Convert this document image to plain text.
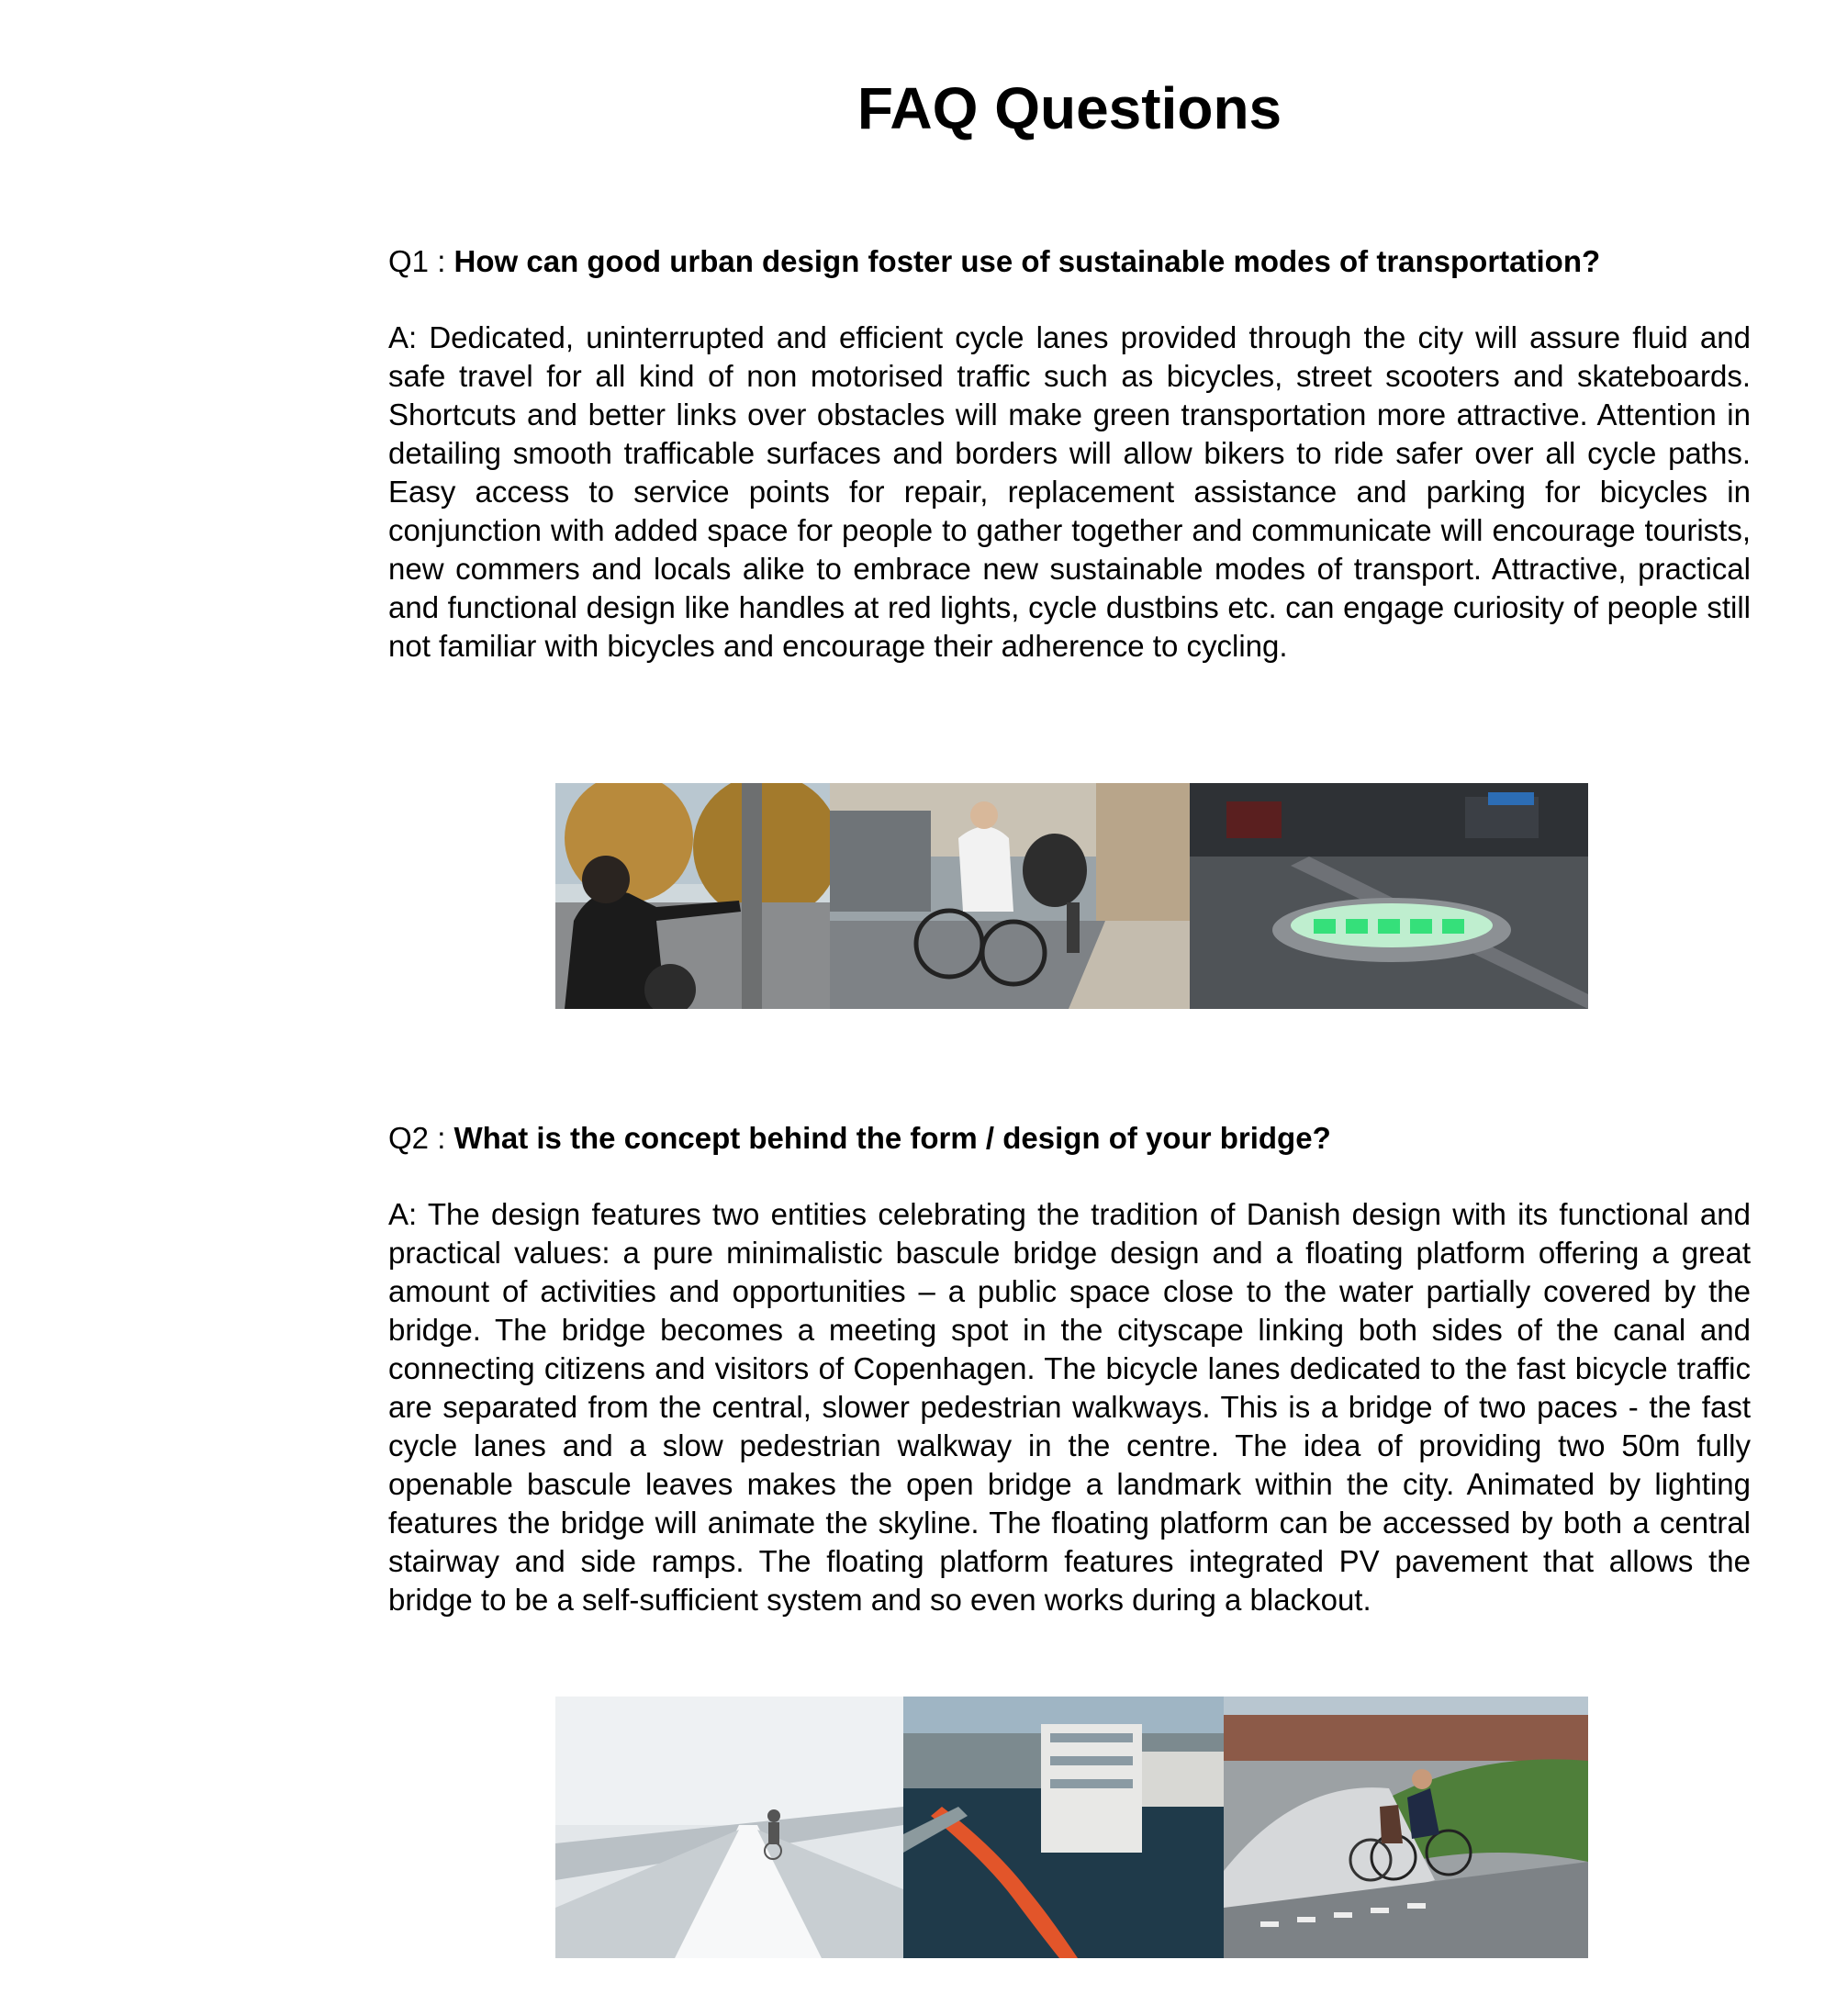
FAQ Questions

Q1 : How can good urban design foster use of sustainable modes of transportation?

A: Dedicated, uninterrupted and efficient cycle lanes provided through the city will assure fluid and safe travel for all kind of non motorised traffic such as bicycles, street scooters and skateboards. Shortcuts and better links over obstacles will make green transportation more attractive. Attention in detailing smooth trafficable surfaces and borders will allow bikers to ride safer over all cycle paths. Easy access to service points for repair, replacement assistance and parking for bicycles in conjunction with added space for people to gather together and communicate will encourage tourists, new commers and locals alike to embrace new sustainable modes of transport. Attractive, practical and functional design like handles at red lights, cycle dustbins etc. can engage curiosity of people still not familiar with bicycles and encourage their adherence to cycling.

Q2 : What is the concept behind the form / design of your bridge?

A: The design features two entities celebrating the tradition of Danish design with its functional and practical values: a pure minimalistic bascule bridge design and a floating platform offering a great amount of activities and opportunities – a public space close to the water partially covered by the bridge. The bridge becomes a meeting spot in the cityscape linking both sides of the canal and connecting citizens and visitors of Copenhagen. The bicycle lanes dedicated to the fast bicycle traffic are separated from the central, slower pedestrian walkways. This is a bridge of two paces - the fast cycle lanes and a slow pedestrian walkway in the centre. The idea of providing two 50m fully openable bascule leaves makes the open bridge a landmark within the city. Animated by lighting features the bridge will animate the skyline. The floating platform can be accessed by both a central stairway and side ramps. The floating platform features integrated PV pavement that allows the bridge to be a self-sufficient system and so even works during a blackout.
